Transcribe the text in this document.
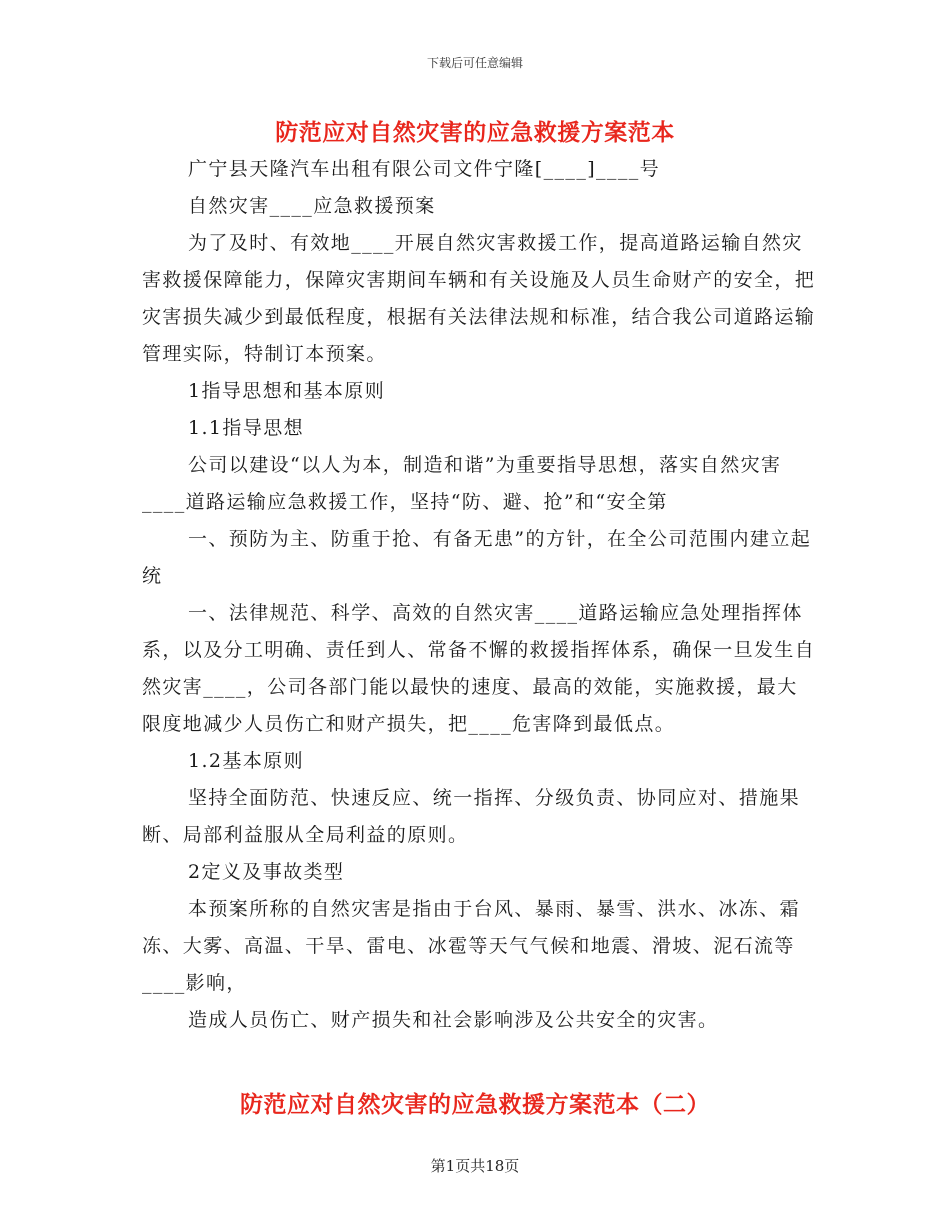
下载后可任意编辑
防范应对自然灾害的应急救援方案范本

广宁县天隆汽车出租有限公司文件宁隆[____]____号

自然灾害____应急救援预案

为了及时、有效地____开展自然灾害救援工作，提高道路运输自然灾害救援保障能力，保障灾害期间车辆和有关设施及人员生命财产的安全，把灾害损失减少到最低程度，根据有关法律法规和标准，结合我公司道路运输管理实际，特制订本预案。

1指导思想和基本原则

1.1指导思想

公司以建设“以人为本，制造和谐”为重要指导思想，落实自然灾害____道路运输应急救援工作，坚持“防、避、抢”和“安全第

一、预防为主、防重于抢、有备无患”的方针，在全公司范围内建立起统

一、法律规范、科学、高效的自然灾害____道路运输应急处理指挥体系，以及分工明确、责任到人、常备不懈的救援指挥体系，确保一旦发生自然灾害____，公司各部门能以最快的速度、最高的效能，实施救援，最大限度地减少人员伤亡和财产损失，把____危害降到最低点。

1.2基本原则

坚持全面防范、快速反应、统一指挥、分级负责、协同应对、措施果断、局部利益服从全局利益的原则。

2定义及事故类型

本预案所称的自然灾害是指由于台风、暴雨、暴雪、洪水、冰冻、霜冻、大雾、高温、干旱、雷电、冰雹等天气气候和地震、滑坡、泥石流等____影响，

造成人员伤亡、财产损失和社会影响涉及公共安全的灾害。

防范应对自然灾害的应急救援方案范本（二）
第1页共18页
